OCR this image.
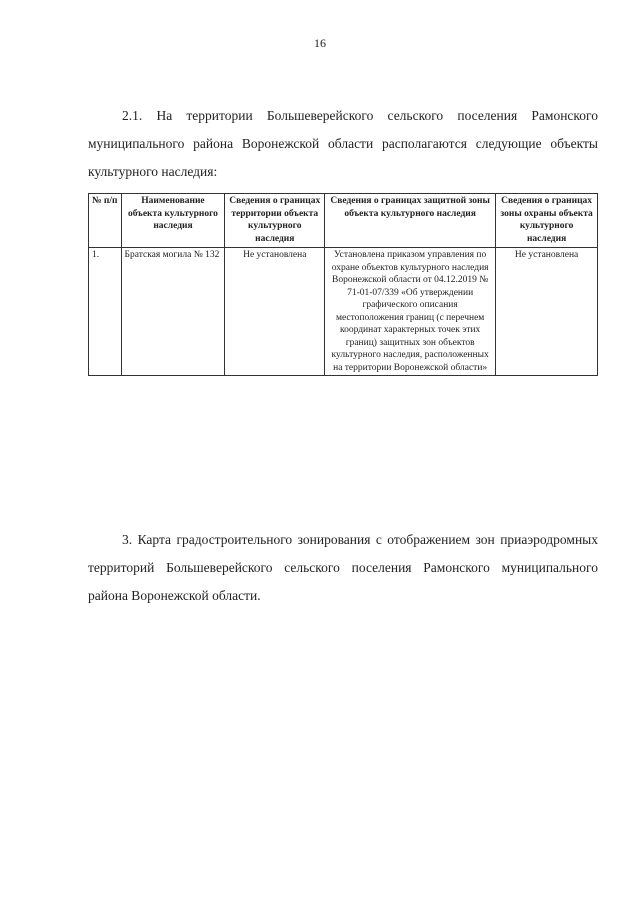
16

2.1. На территории Большеверейского сельского поселения Рамонского муниципального района Воронежской области располагаются следующие объекты культурного наследия:

№ п/п	Наименование объекта культурного наследия	Сведения о границах территории объекта культурного наследия	Сведения о границах защитной зоны объекта культурного наследия	Сведения о границах зоны охраны объекта культурного наследия
1.	Братская могила № 132	Не установлена	Установлена приказом управления по охране объектов культурного наследия Воронежской области от 04.12.2019 № 71-01-07/339 «Об утверждении графического описания местоположения границ (с перечнем координат характерных точек этих границ) защитных зон объектов культурного наследия, расположенных на территории Воронежской области»	Не установлена

3. Карта градостроительного зонирования с отображением зон приаэродромных территорий Большеверейского сельского поселения Рамонского муниципального района Воронежской области.
